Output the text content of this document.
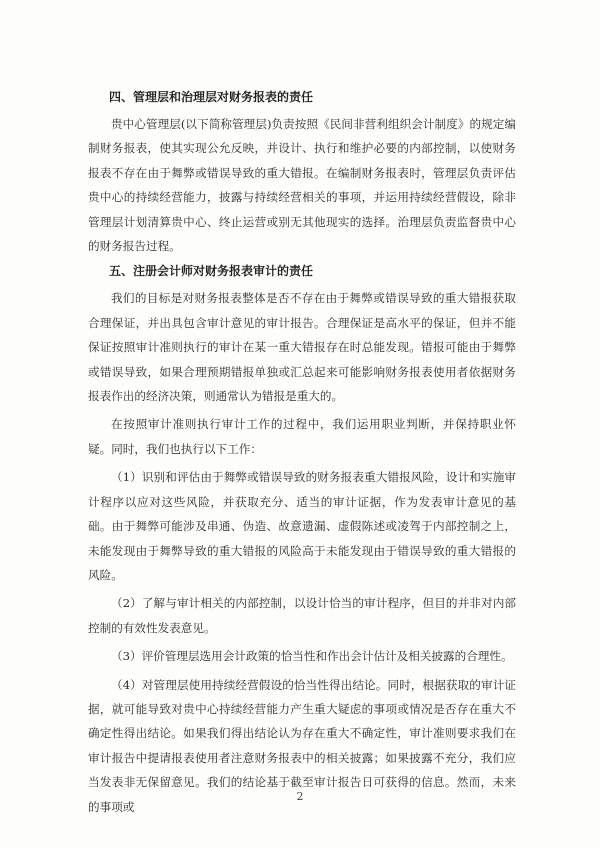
四、管理层和治理层对财务报表的责任

贵中心管理层(以下简称管理层)负责按照《民间非营利组织会计制度》的规定编制财务报表，使其实现公允反映，并设计、执行和维护必要的内部控制，以使财务报表不存在由于舞弊或错误导致的重大错报。在编制财务报表时，管理层负责评估贵中心的持续经营能力，披露与持续经营相关的事项，并运用持续经营假设，除非管理层计划清算贵中心、终止运营或别无其他现实的选择。治理层负责监督贵中心的财务报告过程。

五、注册会计师对财务报表审计的责任

我们的目标是对财务报表整体是否不存在由于舞弊或错误导致的重大错报获取合理保证，并出具包含审计意见的审计报告。合理保证是高水平的保证，但并不能保证按照审计准则执行的审计在某一重大错报存在时总能发现。错报可能由于舞弊或错误导致，如果合理预期错报单独或汇总起来可能影响财务报表使用者依据财务报表作出的经济决策，则通常认为错报是重大的。

在按照审计准则执行审计工作的过程中，我们运用职业判断，并保持职业怀疑。同时，我们也执行以下工作：

（1）识别和评估由于舞弊或错误导致的财务报表重大错报风险，设计和实施审计程序以应对这些风险，并获取充分、适当的审计证据，作为发表审计意见的基础。由于舞弊可能涉及串通、伪造、故意遗漏、虚假陈述或凌驾于内部控制之上，未能发现由于舞弊导致的重大错报的风险高于未能发现由于错误导致的重大错报的风险。

（2）了解与审计相关的内部控制，以设计恰当的审计程序，但目的并非对内部控制的有效性发表意见。

（3）评价管理层选用会计政策的恰当性和作出会计估计及相关披露的合理性。

（4）对管理层使用持续经营假设的恰当性得出结论。同时，根据获取的审计证据，就可能导致对贵中心持续经营能力产生重大疑虑的事项或情况是否存在重大不确定性得出结论。如果我们得出结论认为存在重大不确定性，审计准则要求我们在审计报告中提请报表使用者注意财务报表中的相关披露；如果披露不充分，我们应当发表非无保留意见。我们的结论基于截至审计报告日可获得的信息。然而，未来的事项或

2
